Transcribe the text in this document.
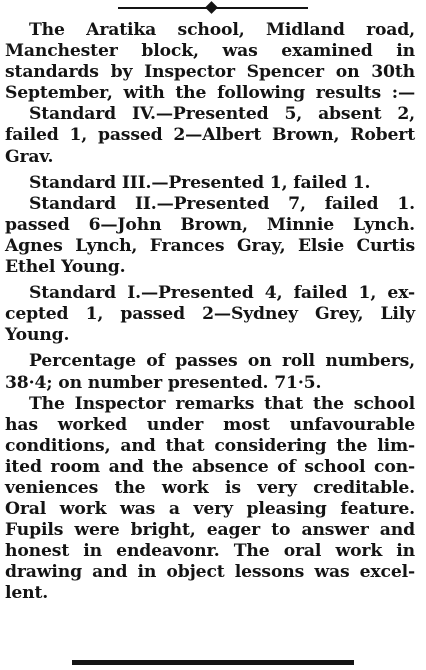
The Aratika school, Midland road,
Manchester block, was examined in
standards by Inspector Spencer on 30th
September, with the following results :—
Standard IV.—Presented 5, absent 2,
failed 1, passed 2—Albert Brown, Robert
Grav.
Standard III.—Presented 1, failed 1.
Standard II.—Presented 7, failed 1.
passed 6—John Brown, Minnie Lynch.
Agnes Lynch, Frances Gray, Elsie Curtis
Ethel Young.
Standard I.—Presented 4, failed 1, ex-
cepted 1, passed 2—Sydney Grey, Lily
Young.
Percentage of passes on roll numbers,
38·4; on number presented. 71·5.
The Inspector remarks that the school
has worked under most unfavourable
conditions, and that considering the lim-
ited room and the absence of school con-
veniences the work is very creditable.
Oral work was a very pleasing feature.
Fupils were bright, eager to answer and
honest in endeavonr. The oral work in
drawing and in object lessons was excel-
lent.
